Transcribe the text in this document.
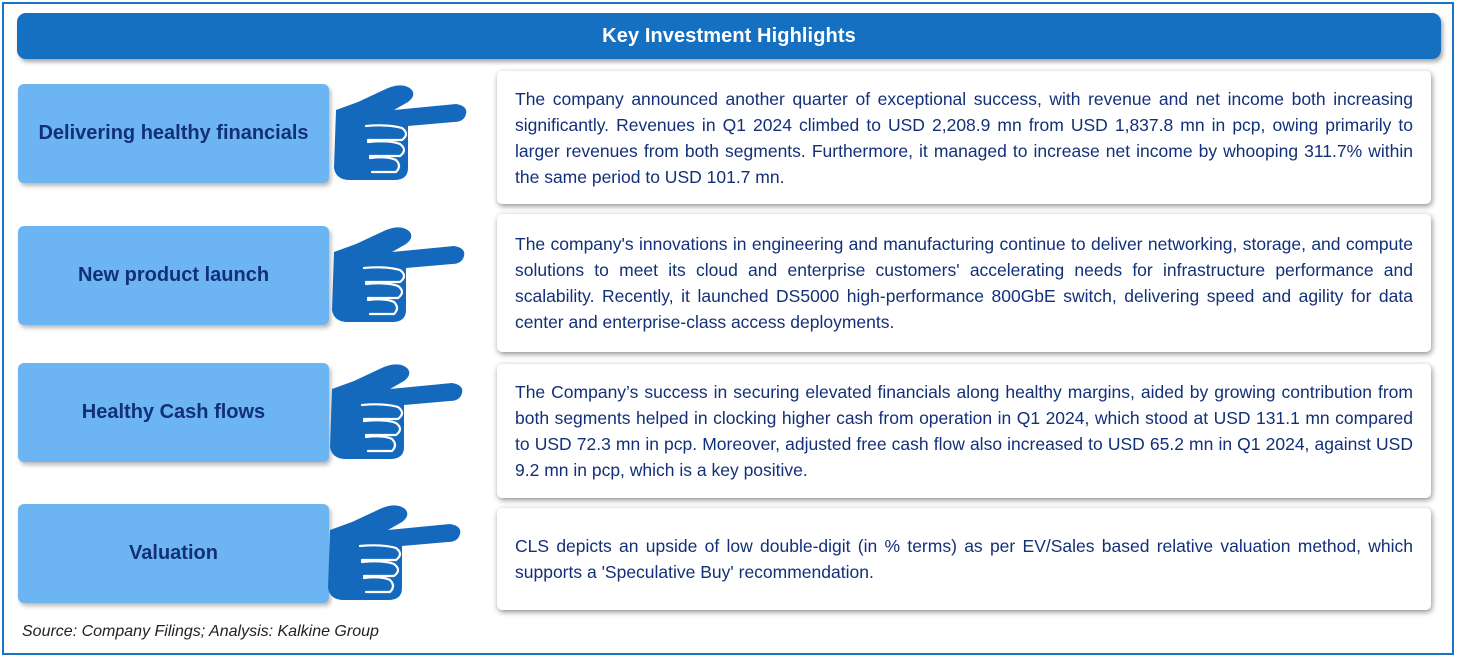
Key Investment Highlights
Delivering healthy financials

The company announced another quarter of exceptional success, with revenue and net income both increasing significantly. Revenues in Q1 2024 climbed to USD 2,208.9 mn from USD 1,837.8 mn in pcp, owing primarily to larger revenues from both segments. Furthermore, it managed to increase net income by whooping 311.7% within the same period to USD 101.7 mn.

New product launch

The company's innovations in engineering and manufacturing continue to deliver networking, storage, and compute solutions to meet its cloud and enterprise customers' accelerating needs for infrastructure performance and scalability. Recently, it launched DS5000 high-performance 800GbE switch, delivering speed and agility for data center and enterprise-class access deployments.

Healthy Cash flows

The Company’s success in securing elevated financials along healthy margins, aided by growing contribution from both segments helped in clocking higher cash from operation in Q1 2024, which stood at USD 131.1 mn compared to USD 72.3 mn in pcp. Moreover, adjusted free cash flow also increased to USD 65.2 mn in Q1 2024, against USD 9.2 mn in pcp, which is a key positive.

Valuation	CLS depicts an upside of low double-digit (in % terms) as per EV/Sales based relative valuation method, which supports a 'Speculative Buy' recommendation.

Source: Company Filings; Analysis: Kalkine Group
